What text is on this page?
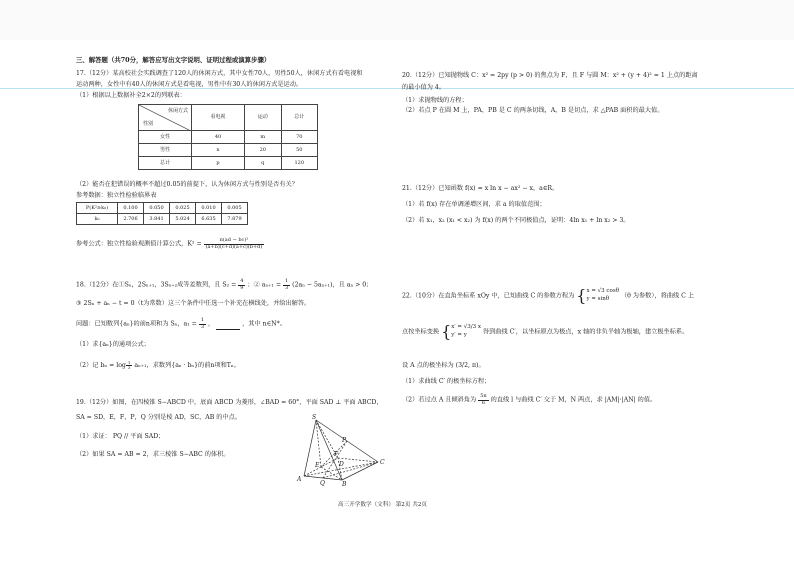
三、解答题（共70分，解答应写出文字说明、证明过程或演算步骤）
17.（12分）某高校社会实践调查了120人的休闲方式，其中女性70人，男性50人，休闲方式有看电视和
运动两种，女性中有40人的休闲方式是看电视，男性中有30人的休闲方式是运动。
（1）根据以上数据补全2×2的列联表：
休闲方式
性别	看电视	运动	总计
女性	40	m	70
男性	n	20	50
总计	p	q	120
（2）能否在犯错误的概率不超过0.05的前提下，认为休闲方式与性别是否有关？
参考数据：独立性检验临界表
P(K²≥k₀)	0.100	0.050	0.025	0.010	0.005
k₀	2.706	3.841	5.024	6.635	7.879
参考公式：独立性检验观测值计算公式，$K^2 = \frac{\text{n(ad − bc)²}}{(a+b)(c+d)(a+c)(b+d)}$
18.（12分）在①Sₙ，2Sₙ₊₁，3Sₙ₊₂成等差数列，且 $S_2 = \frac{4}{9}$ ；② $a_{n+1} = \frac{1}{3} (2a_n - 5a_{n+1})$，且 aₙ > 0；
③ 2Sₙ + aₙ − t = 0（t为常数）这三个条件中任选一个补充在横线处，并给出解答。
问题：已知数列{aₙ}的前n项和为 Sₙ，$a_1 = \frac{1}{3}$ ，	，其中 n∈N*。
（1）求{aₙ}的通项公式；
（2）记 $b_n = \log \frac{1}{3} a_{n+1}$，求数列{aₙ · bₙ}的前n项和Tₙ。
19.（12分）如图，在四棱锥 S−ABCD 中，底面 ABCD 为菱形，∠BAD = 60°，平面 SAD ⊥ 平面 ABCD，
SA = SD，E，F，P，Q 分别是棱 AD，SC，AB 的中点。
（1）求证： PQ // 平面 SAD；
（2）如果 SA = AB = 2，求三棱锥 S−ABC 的体积。
S
P
C
F
E	D
A
Q	B
高三开学数学（文科） 第2页 共2页
20.（12分）已知抛物线 C：x² = 2py (p > 0) 的焦点为 F，且 F 与圆 M：x² + (y + 4)² = 1 上点的距离
的最小值为 4。
（1）求抛物线的方程；
（2）若点 P 在圆 M 上，PA，PB 是 C 的两条切线，A，B 是切点，求 △PAB 面积的最大值。
21.（12分）已知函数 f(x) = x ln x − ax² − x，a∈R。
（1）若 f(x) 存在单调递增区间，求 a 的取值范围；
（2）若 x₁，x₂ (x₁ < x₂) 为 f(x) 的两个不同极值点，证明：4ln x₁ + ln x₂ > 3。
22.（10分）在直角坐标系 xOy 中，已知曲线 C 的参数方程为 { x = √3 cosθ
y = sinθ	（θ 为参数），将曲线 C 上
点按坐标变换 { x′ = √3/3 x
y′ = y	得到曲线 C′，以坐标原点为极点，x 轴的非负半轴为极轴，建立极坐标系。
设 A 点的极坐标为 (3/2, π)。
（1）求曲线 C′ 的极坐标方程；
（2）若过点 A 且倾斜角为 $\frac{5\pi}{6}$ 的直线 l 与曲线 C′ 交于 M，N 两点，求 |AM|·|AN| 的值。
